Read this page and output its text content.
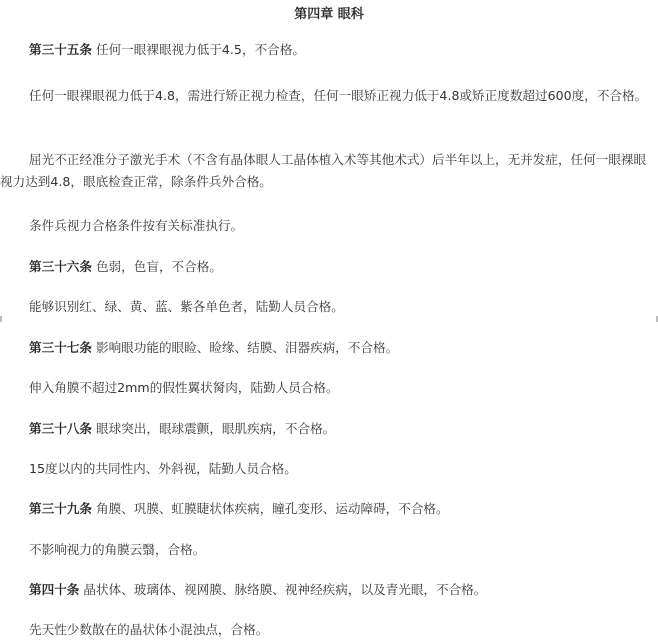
第四章 眼科

第三十五条 任何一眼裸眼视力低于4.5，不合格。

任何一眼裸眼视力低于4.8，需进行矫正视力检查，任何一眼矫正视力低于4.8或矫正度数超过600度，不合格。

屈光不正经准分子激光手术（不含有晶体眼人工晶体植入术等其他术式）后半年以上，无并发症，任何一眼裸眼视力达到4.8，眼底检查正常，除条件兵外合格。

条件兵视力合格条件按有关标准执行。

第三十六条 色弱，色盲，不合格。

能够识别红、绿、黄、蓝、紫各单色者，陆勤人员合格。

第三十七条 影响眼功能的眼睑、睑缘、结膜、泪器疾病，不合格。

伸入角膜不超过2mm的假性翼状胬肉，陆勤人员合格。

第三十八条 眼球突出，眼球震颤，眼肌疾病，不合格。

15度以内的共同性内、外斜视，陆勤人员合格。

第三十九条 角膜、巩膜、虹膜睫状体疾病，瞳孔变形、运动障碍，不合格。

不影响视力的角膜云翳，合格。

第四十条 晶状体、玻璃体、视网膜、脉络膜、视神经疾病，以及青光眼，不合格。

先天性少数散在的晶状体小混浊点，合格。
